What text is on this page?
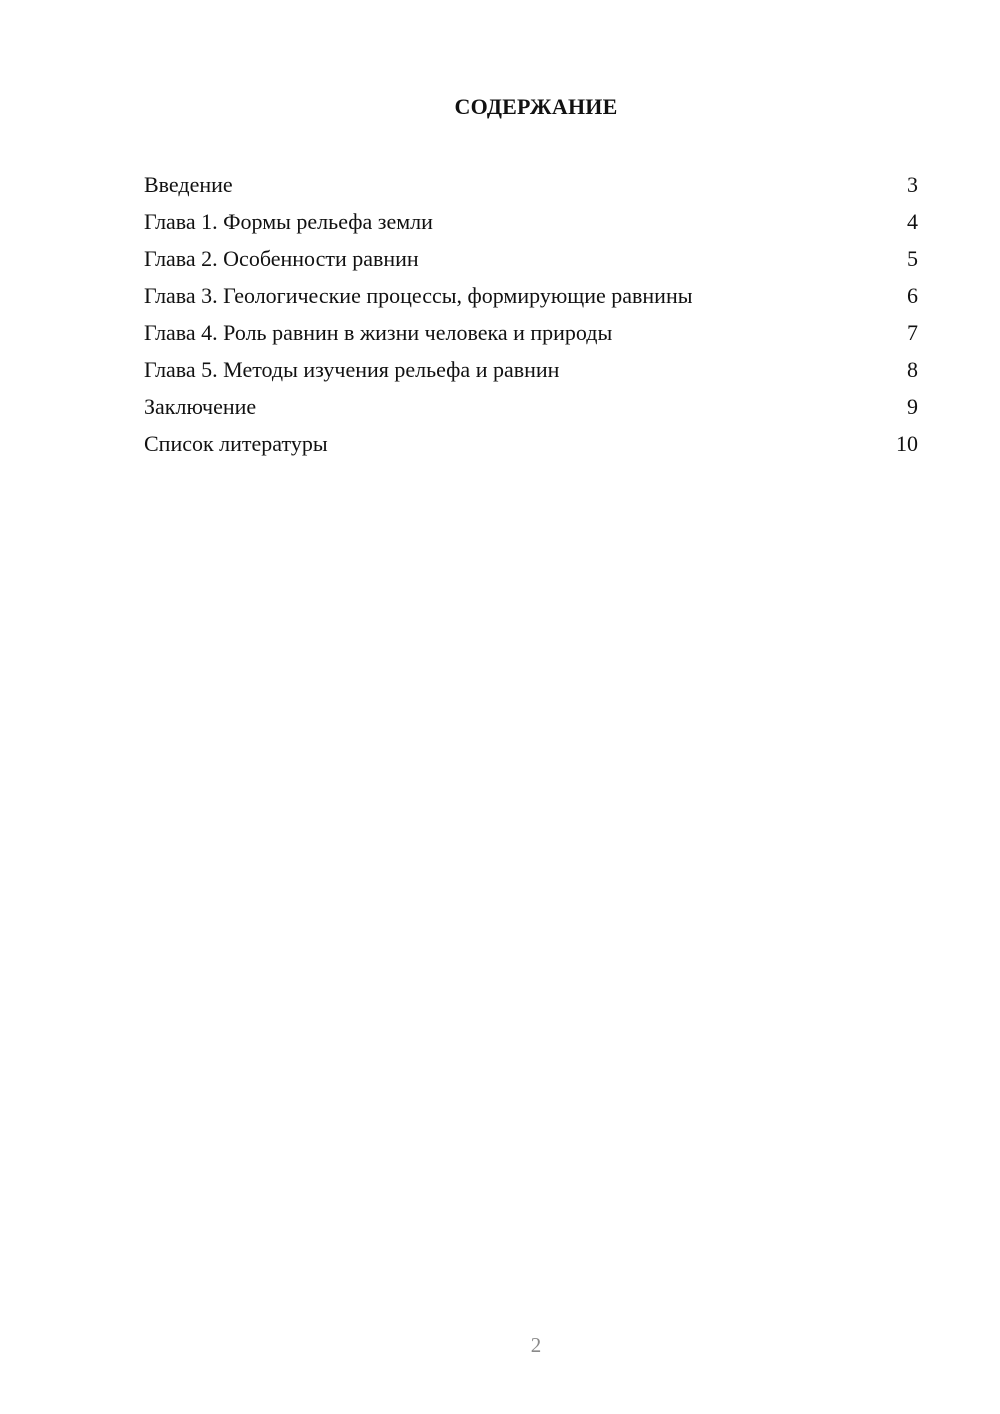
СОДЕРЖАНИЕ
Введение	3
Глава 1. Формы рельефа земли	4
Глава 2. Особенности равнин	5
Глава 3. Геологические процессы, формирующие равнины	6
Глава 4. Роль равнин в жизни человека и природы	7
Глава 5. Методы изучения рельефа и равнин	8
Заключение	9
Список литературы	10
2
